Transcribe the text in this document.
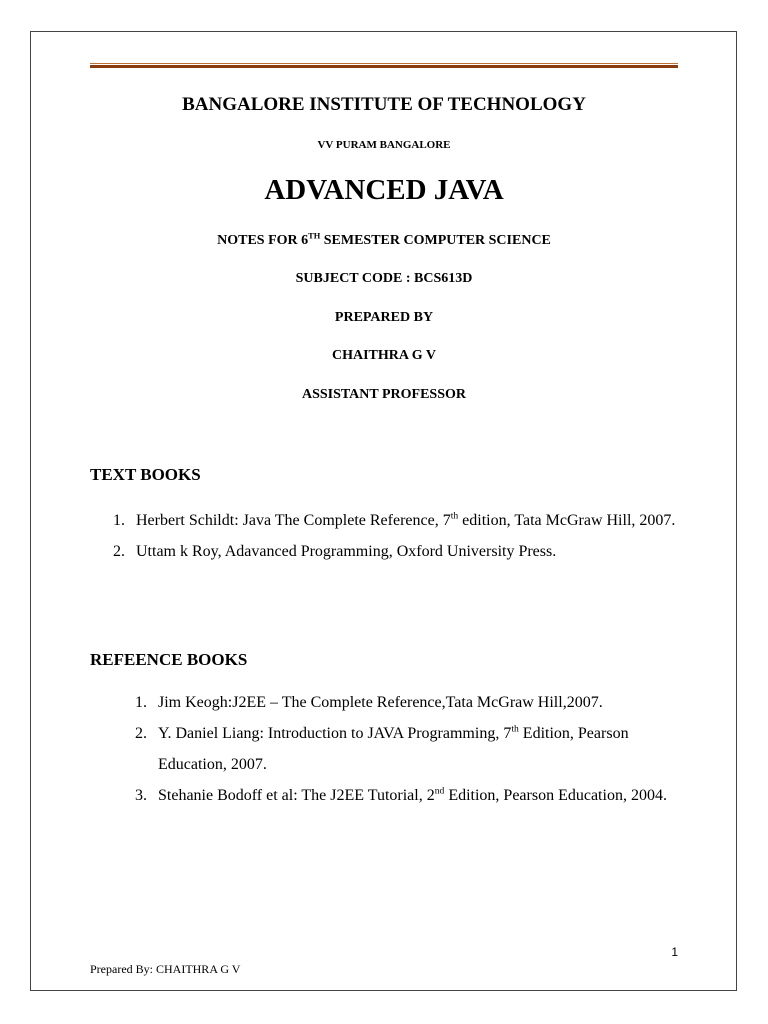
BANGALORE INSTITUTE OF TECHNOLOGY
VV PURAM BANGALORE
ADVANCED JAVA
NOTES FOR 6TH SEMESTER COMPUTER SCIENCE
SUBJECT CODE : BCS613D
PREPARED BY
CHAITHRA G V
ASSISTANT PROFESSOR
TEXT BOOKS
1. Herbert Schildt: Java The Complete Reference, 7th edition, Tata McGraw Hill, 2007.
2. Uttam k Roy, Adavanced Programming, Oxford University Press.
REFEENCE BOOKS
1. Jim Keogh:J2EE – The Complete Reference,Tata McGraw Hill,2007.
2. Y. Daniel Liang: Introduction to JAVA Programming, 7th Edition, Pearson Education, 2007.
3. Stehanie Bodoff et al: The J2EE Tutorial, 2nd Edition, Pearson Education, 2004.
1
Prepared By: CHAITHRA G V
